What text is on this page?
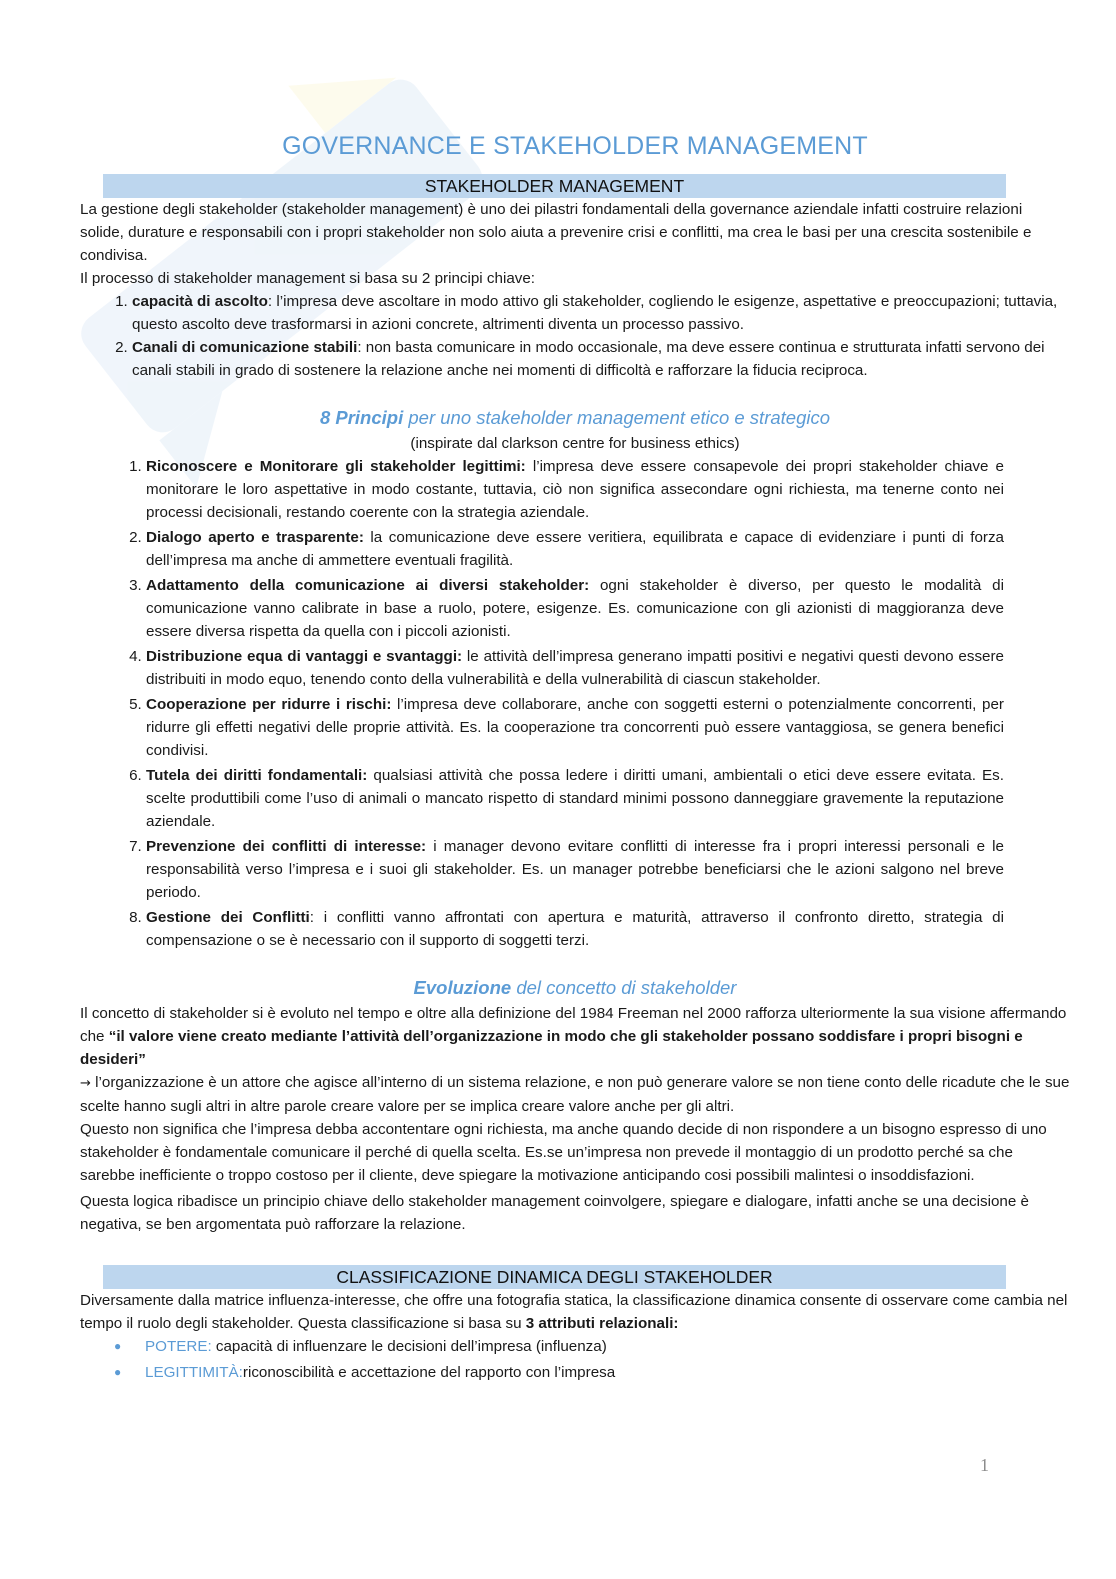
GOVERNANCE E STAKEHOLDER MANAGEMENT
STAKEHOLDER MANAGEMENT

La gestione degli stakeholder (stakeholder management) è uno dei pilastri fondamentali della governance aziendale infatti costruire relazioni solide, durature e responsabili con i propri stakeholder non solo aiuta a prevenire crisi e conflitti, ma crea le basi per una crescita sostenibile e condivisa.

Il processo di stakeholder management si basa su 2 principi chiave:

1. capacità di ascolto: l’impresa deve ascoltare in modo attivo gli stakeholder, cogliendo le esigenze, aspettative e preoccupazioni; tuttavia, questo ascolto deve trasformarsi in azioni concrete, altrimenti diventa un processo passivo.
2. Canali di comunicazione stabili: non basta comunicare in modo occasionale, ma deve essere continua e strutturata infatti servono dei canali stabili in grado di sostenere la relazione anche nei momenti di difficoltà e rafforzare la fiducia reciproca.
8 Principi per uno stakeholder management etico e strategico

(inspirate dal clarkson centre for business ethics)

1. Riconoscere e Monitorare gli stakeholder legittimi: l’impresa deve essere consapevole dei propri stakeholder chiave e monitorare le loro aspettative in modo costante, tuttavia, ciò non significa assecondare ogni richiesta, ma tenerne conto nei processi decisionali, restando coerente con la strategia aziendale.
2. Dialogo aperto e trasparente: la comunicazione deve essere veritiera, equilibrata e capace di evidenziare i punti di forza dell’impresa ma anche di ammettere eventuali fragilità.
3. Adattamento della comunicazione ai diversi stakeholder: ogni stakeholder è diverso, per questo le modalità di comunicazione vanno calibrate in base a ruolo, potere, esigenze. Es. comunicazione con gli azionisti di maggioranza deve essere diversa rispetta da quella con i piccoli azionisti.
4. Distribuzione equa di vantaggi e svantaggi: le attività dell’impresa generano impatti positivi e negativi questi devono essere distribuiti in modo equo, tenendo conto della vulnerabilità e della vulnerabilità di ciascun stakeholder.
5. Cooperazione per ridurre i rischi: l’impresa deve collaborare, anche con soggetti esterni o potenzialmente concorrenti, per ridurre gli effetti negativi delle proprie attività. Es. la cooperazione tra concorrenti può essere vantaggiosa, se genera benefici condivisi.
6. Tutela dei diritti fondamentali: qualsiasi attività che possa ledere i diritti umani, ambientali o etici deve essere evitata. Es. scelte produttibili come l’uso di animali o mancato rispetto di standard minimi possono danneggiare gravemente la reputazione aziendale.
7. Prevenzione dei conflitti di interesse: i manager devono evitare conflitti di interesse fra i propri interessi personali e le responsabilità verso l’impresa e i suoi gli stakeholder. Es. un manager potrebbe beneficiarsi che le azioni salgono nel breve periodo.
8. Gestione dei Conflitti: i conflitti vanno affrontati con apertura e maturità, attraverso il confronto diretto, strategia di compensazione o se è necessario con il supporto di soggetti terzi.
Evoluzione del concetto di stakeholder

Il concetto di stakeholder si è evoluto nel tempo e oltre alla definizione del 1984 Freeman nel 2000 rafforza ulteriormente la sua visione affermando che “il valore viene creato mediante l’attività dell’organizzazione in modo che gli stakeholder possano soddisfare i propri bisogni e desideri”

→ l’organizzazione è un attore che agisce all’interno di un sistema relazione, e non può generare valore se non tiene conto delle ricadute che le sue scelte hanno sugli altri in altre parole creare valore per se implica creare valore anche per gli altri.

Questo non significa che l’impresa debba accontentare ogni richiesta, ma anche quando decide di non rispondere a un bisogno espresso di uno stakeholder è fondamentale comunicare il perché di quella scelta. Es.se un’impresa non prevede il montaggio di un prodotto perché sa che sarebbe inefficiente o troppo costoso per il cliente, deve spiegare la motivazione anticipando cosi possibili malintesi o insoddisfazioni.

Questa logica ribadisce un principio chiave dello stakeholder management coinvolgere, spiegare e dialogare, infatti anche se una decisione è negativa, se ben argomentata può rafforzare la relazione.

CLASSIFICAZIONE DINAMICA DEGLI STAKEHOLDER

Diversamente dalla matrice influenza-interesse, che offre una fotografia statica, la classificazione dinamica consente di osservare come cambia nel tempo il ruolo degli stakeholder. Questa classificazione si basa su 3 attributi relazionali:

● POTERE: capacità di influenzare le decisioni dell’impresa (influenza)
● LEGITTIMITÀ:riconoscibilità e accettazione del rapporto con l’impresa
1
